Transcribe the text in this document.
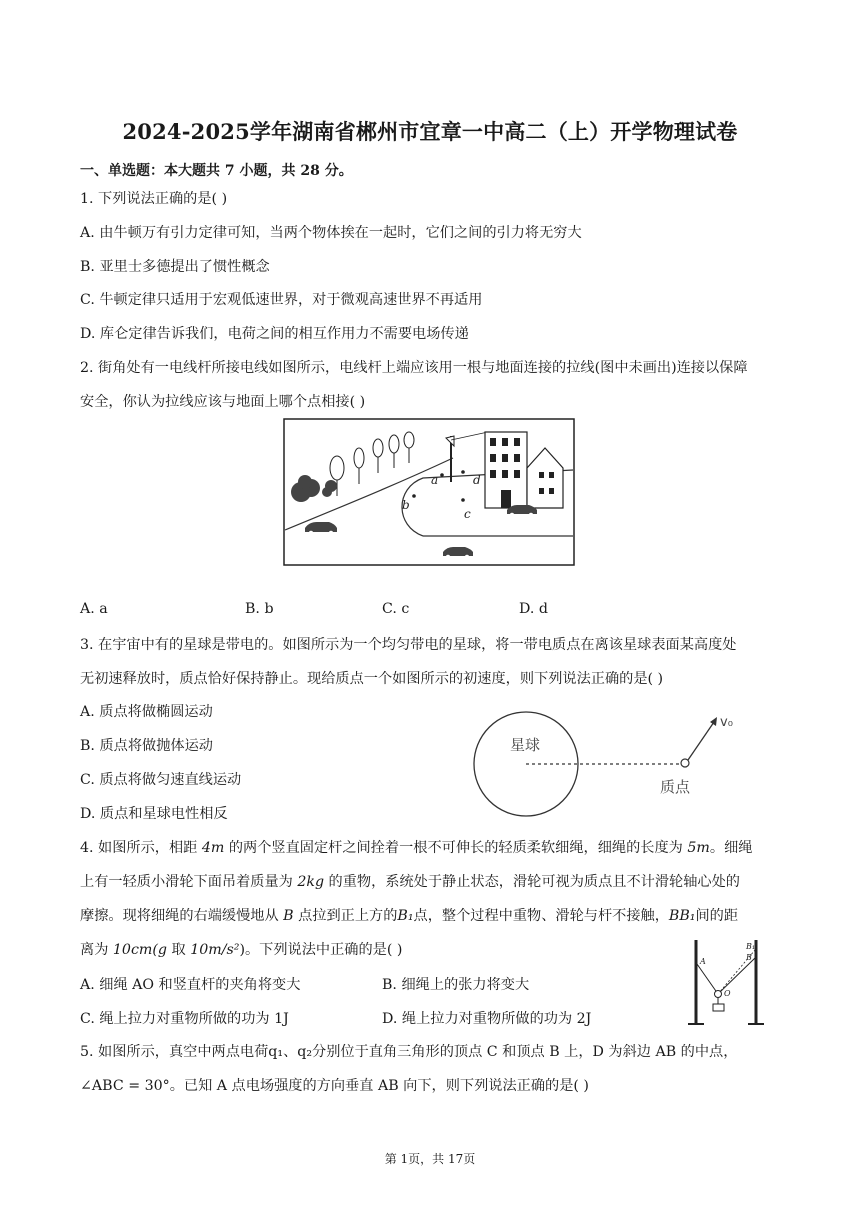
2024-2025学年湖南省郴州市宜章一中高二（上）开学物理试卷
一、单选题：本大题共 7 小题，共 28 分。
1. 下列说法正确的是( )
A. 由牛顿万有引力定律可知，当两个物体挨在一起时，它们之间的引力将无穷大
B. 亚里士多德提出了惯性概念
C. 牛顿定律只适用于宏观低速世界，对于微观高速世界不再适用
D. 库仑定律告诉我们，电荷之间的相互作用力不需要电场传递
2. 街角处有一电线杆所接电线如图所示，电线杆上端应该用一根与地面连接的拉线(图中未画出)连接以保障
安全，你认为拉线应该与地面上哪个点相接( )
a
b
c
d
A. a	B. b	C. c	D. d
3. 在宇宙中有的星球是带电的。如图所示为一个均匀带电的星球，将一带电质点在离该星球表面某高度处
无初速释放时，质点恰好保持静止。现给质点一个如图所示的初速度，则下列说法正确的是( )
A. 质点将做椭圆运动
B. 质点将做抛体运动
C. 质点将做匀速直线运动
D. 质点和星球电性相反
星球
质点
v₀
4. 如图所示，相距 4m 的两个竖直固定杆之间拴着一根不可伸长的轻质柔软细绳，细绳的长度为 5m。细绳
上有一轻质小滑轮下面吊着质量为 2kg 的重物，系统处于静止状态，滑轮可视为质点且不计滑轮轴心处的
摩擦。现将细绳的右端缓慢地从 B 点拉到正上方的B₁点，整个过程中重物、滑轮与杆不接触，BB₁间的距
离为 10cm(g 取 10m/s²)。下列说法中正确的是( )
A. 细绳 AO 和竖直杆的夹角将变大	B. 细绳上的张力将变大
C. 绳上拉力对重物所做的功为 1J	D. 绳上拉力对重物所做的功为 2J
A
B₁
B
O
5. 如图所示，真空中两点电荷q₁、q₂分别位于直角三角形的顶点 C 和顶点 B 上，D 为斜边 AB 的中点，
∠ABC = 30°。已知 A 点电场强度的方向垂直 AB 向下，则下列说法正确的是( )
第 1页，共 17页
